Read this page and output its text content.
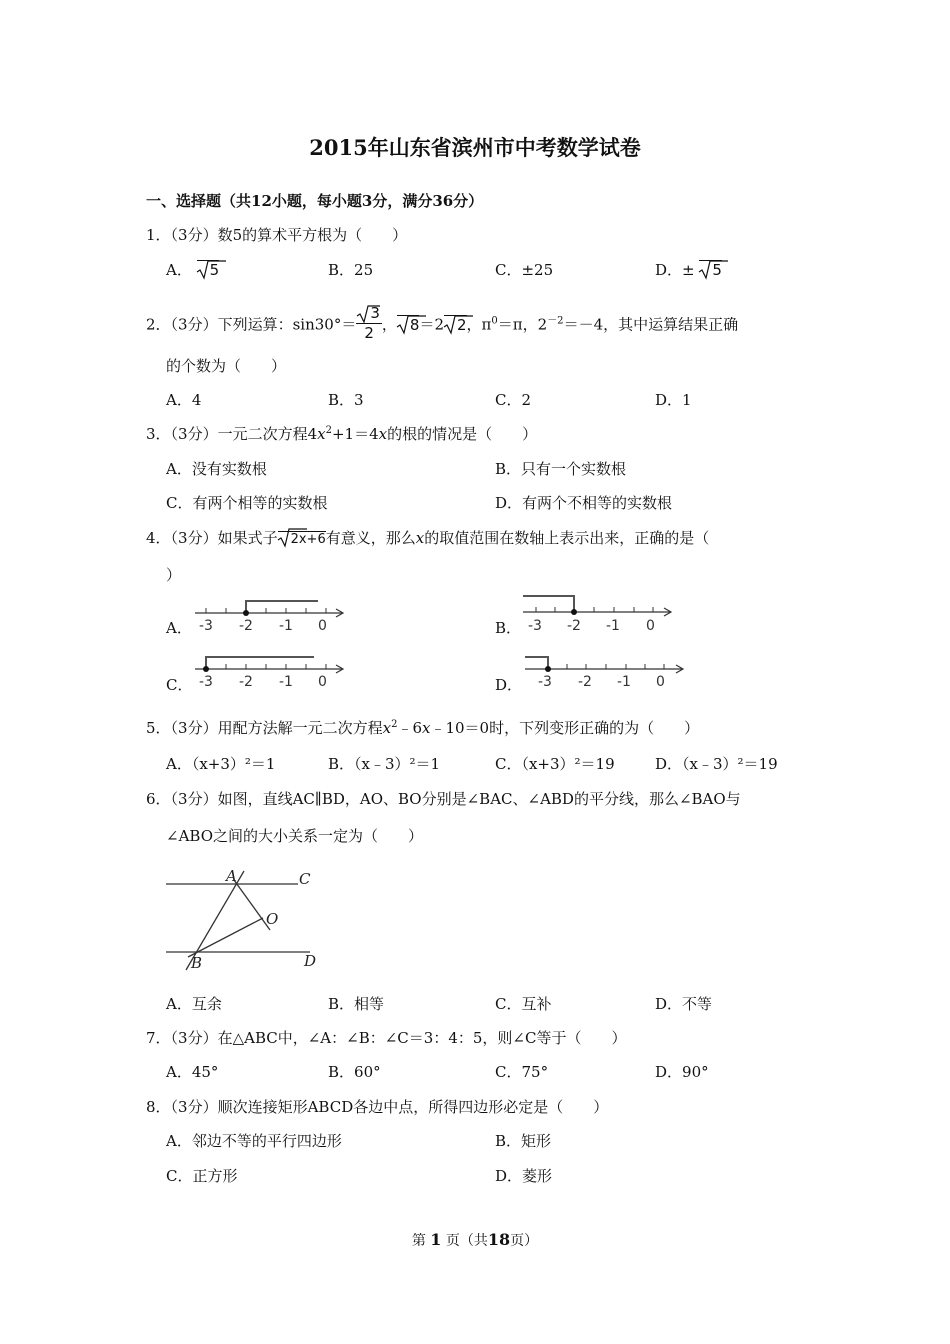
2015年山东省滨州市中考数学试卷
一、选择题（共12小题，每小题3分，满分36分）
1．（3分）数5的算术平方根为（　　）
A． 5	B．25	C．±25	D．± 5
2．（3分）下列运算：$\sin 30^\circ= \frac{3}{2}$ ， 8＝2 2，$\pi^0=\pi$，$2^{-2}=-4$，其中运算结果正确
的个数为（　　）
A．4	B．3	C．2	D．1
3．（3分）一元二次方程$4x^2+1=4x$的根的情况是（　　）
A．没有实数根	B．只有一个实数根
C．有两个相等的实数根	D．有两个不相等的实数根
4．（3分）如果式子 2x+6有意义，那么x的取值范围在数轴上表示出来，正确的是（
）
A． -3 -2 -1 0	B． -3 -2 -1 0
C． -3 -2 -1 0	D． -3 -2 -1 0
5．（3分）用配方法解一元二次方程$x^2﹣6x﹣10=0$时，下列变形正确的为（　　）
A．（x+3）²＝1	B．（x﹣3）²＝1	C．（x+3）²＝19	D．（x﹣3）²＝19
6．（3分）如图，直线AC∥BD，AO、BO分别是∠BAC、∠ABD的平分线，那么∠BAO与
∠ABO之间的大小关系一定为（　　）
A	C
O
B	D
A．互余	B．相等	C．互补	D．不等
7．（3分）在△ABC中，∠A：∠B：∠C＝3：4：5，则∠C等于（　　）
A．45°	B．60°	C．75°	D．90°
8．（3分）顺次连接矩形ABCD各边中点，所得四边形必定是（　　）
A．邻边不等的平行四边形	B．矩形
C．正方形	D．菱形
第 1 页（共18页）
